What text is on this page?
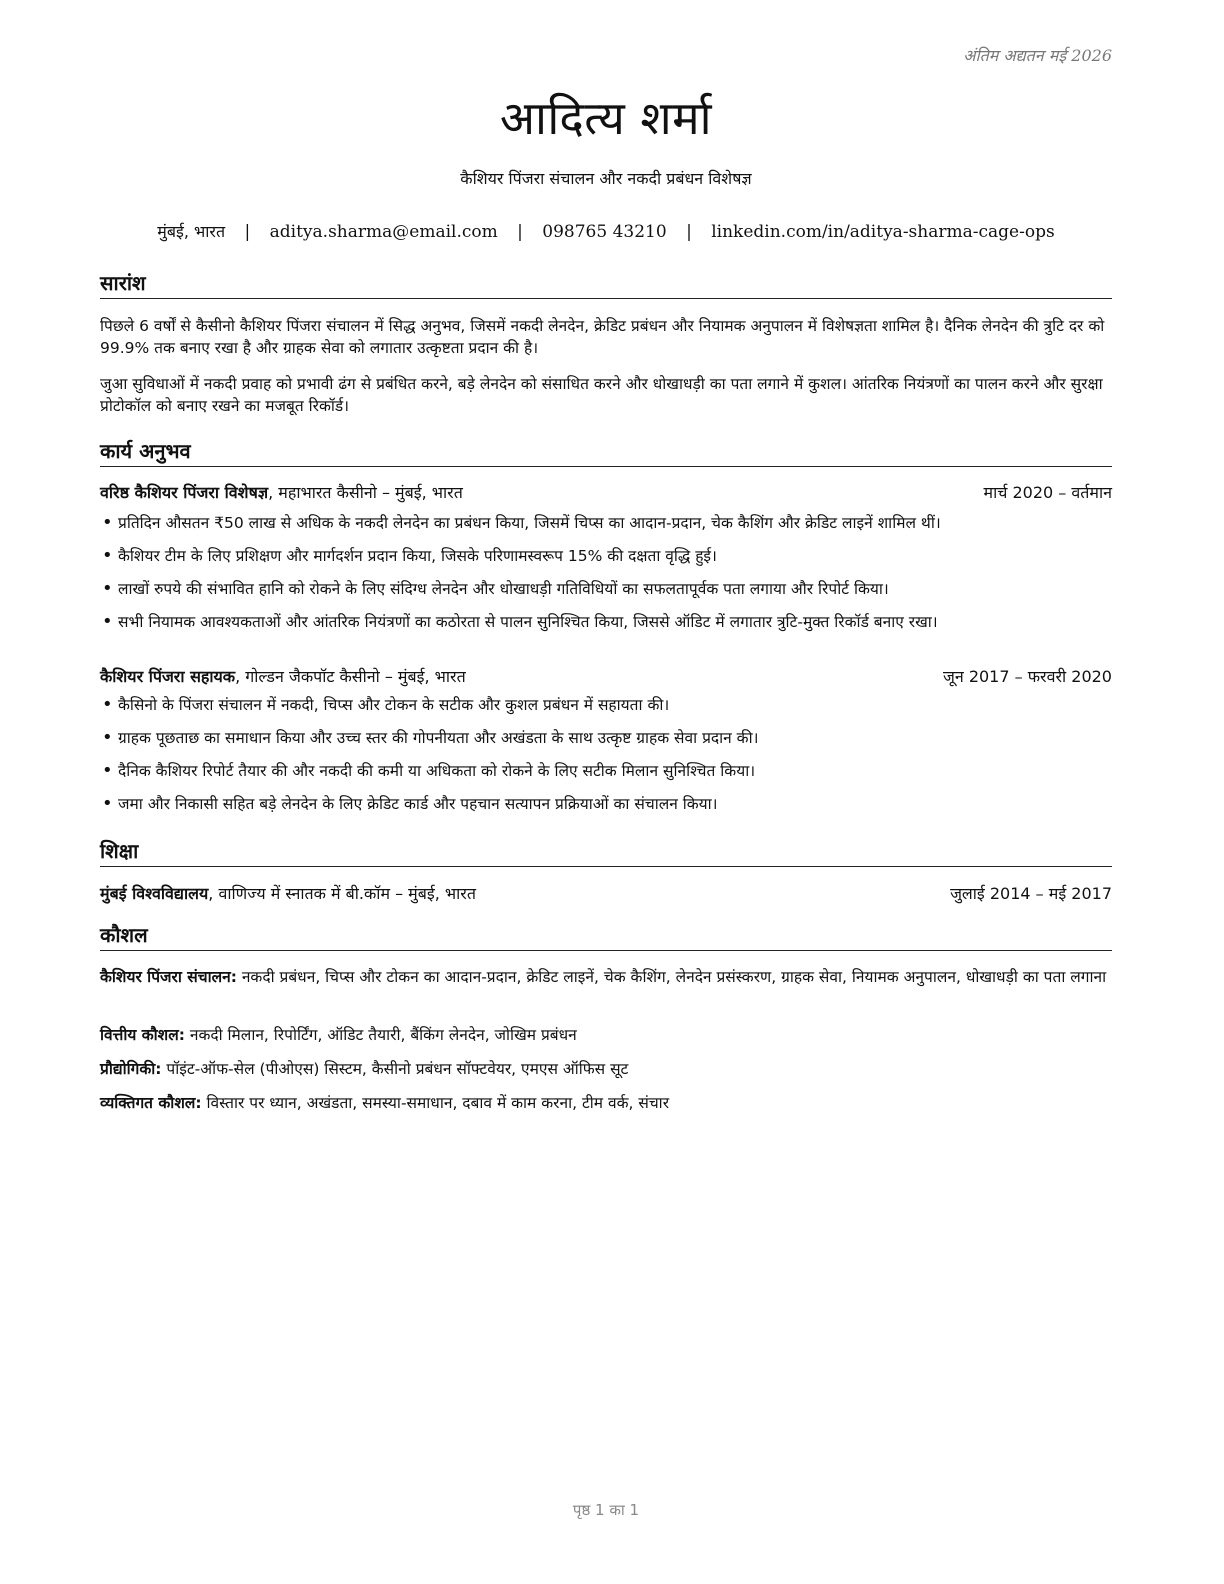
अंतिम अद्यतन मई 2026
आदित्य शर्मा
कैशियर पिंजरा संचालन और नकदी प्रबंधन विशेषज्ञ
मुंबई, भारत | aditya.sharma@email.com | 098765 43210 | linkedin.com/in/aditya-sharma-cage-ops
सारांश
पिछले 6 वर्षों से कैसीनो कैशियर पिंजरा संचालन में सिद्ध अनुभव, जिसमें नकदी लेनदेन, क्रेडिट प्रबंधन और नियामक अनुपालन में विशेषज्ञता शामिल है। दैनिक लेनदेन की त्रुटि दर को 99.9% तक बनाए रखा है और ग्राहक सेवा को लगातार उत्कृष्टता प्रदान की है।
जुआ सुविधाओं में नकदी प्रवाह को प्रभावी ढंग से प्रबंधित करने, बड़े लेनदेन को संसाधित करने और धोखाधड़ी का पता लगाने में कुशल। आंतरिक नियंत्रणों का पालन करने और सुरक्षा प्रोटोकॉल को बनाए रखने का मजबूत रिकॉर्ड।
कार्य अनुभव
वरिष्ठ कैशियर पिंजरा विशेषज्ञ, महाभारत कैसीनो – मुंबई, भारत	मार्च 2020 – वर्तमान
• प्रतिदिन औसतन ₹50 लाख से अधिक के नकदी लेनदेन का प्रबंधन किया, जिसमें चिप्स का आदान-प्रदान, चेक कैशिंग और क्रेडिट लाइनें शामिल थीं।
• कैशियर टीम के लिए प्रशिक्षण और मार्गदर्शन प्रदान किया, जिसके परिणामस्वरूप 15% की दक्षता वृद्धि हुई।
• लाखों रुपये की संभावित हानि को रोकने के लिए संदिग्ध लेनदेन और धोखाधड़ी गतिविधियों का सफलतापूर्वक पता लगाया और रिपोर्ट किया।
• सभी नियामक आवश्यकताओं और आंतरिक नियंत्रणों का कठोरता से पालन सुनिश्चित किया, जिससे ऑडिट में लगातार त्रुटि-मुक्त रिकॉर्ड बनाए रखा।
कैशियर पिंजरा सहायक, गोल्डन जैकपॉट कैसीनो – मुंबई, भारत	जून 2017 – फरवरी 2020
• कैसिनो के पिंजरा संचालन में नकदी, चिप्स और टोकन के सटीक और कुशल प्रबंधन में सहायता की।
• ग्राहक पूछताछ का समाधान किया और उच्च स्तर की गोपनीयता और अखंडता के साथ उत्कृष्ट ग्राहक सेवा प्रदान की।
• दैनिक कैशियर रिपोर्ट तैयार की और नकदी की कमी या अधिकता को रोकने के लिए सटीक मिलान सुनिश्चित किया।
• जमा और निकासी सहित बड़े लेनदेन के लिए क्रेडिट कार्ड और पहचान सत्यापन प्रक्रियाओं का संचालन किया।
शिक्षा
मुंबई विश्वविद्यालय, वाणिज्य में स्नातक में बी.कॉम – मुंबई, भारत	जुलाई 2014 – मई 2017
कौशल
कैशियर पिंजरा संचालन: नकदी प्रबंधन, चिप्स और टोकन का आदान-प्रदान, क्रेडिट लाइनें, चेक कैशिंग, लेनदेन प्रसंस्करण, ग्राहक सेवा, नियामक अनुपालन, धोखाधड़ी का पता लगाना
वित्तीय कौशल: नकदी मिलान, रिपोर्टिंग, ऑडिट तैयारी, बैंकिंग लेनदेन, जोखिम प्रबंधन
प्रौद्योगिकी: पॉइंट-ऑफ-सेल (पीओएस) सिस्टम, कैसीनो प्रबंधन सॉफ्टवेयर, एमएस ऑफिस सूट
व्यक्तिगत कौशल: विस्तार पर ध्यान, अखंडता, समस्या-समाधान, दबाव में काम करना, टीम वर्क, संचार
पृष्ठ 1 का 1
